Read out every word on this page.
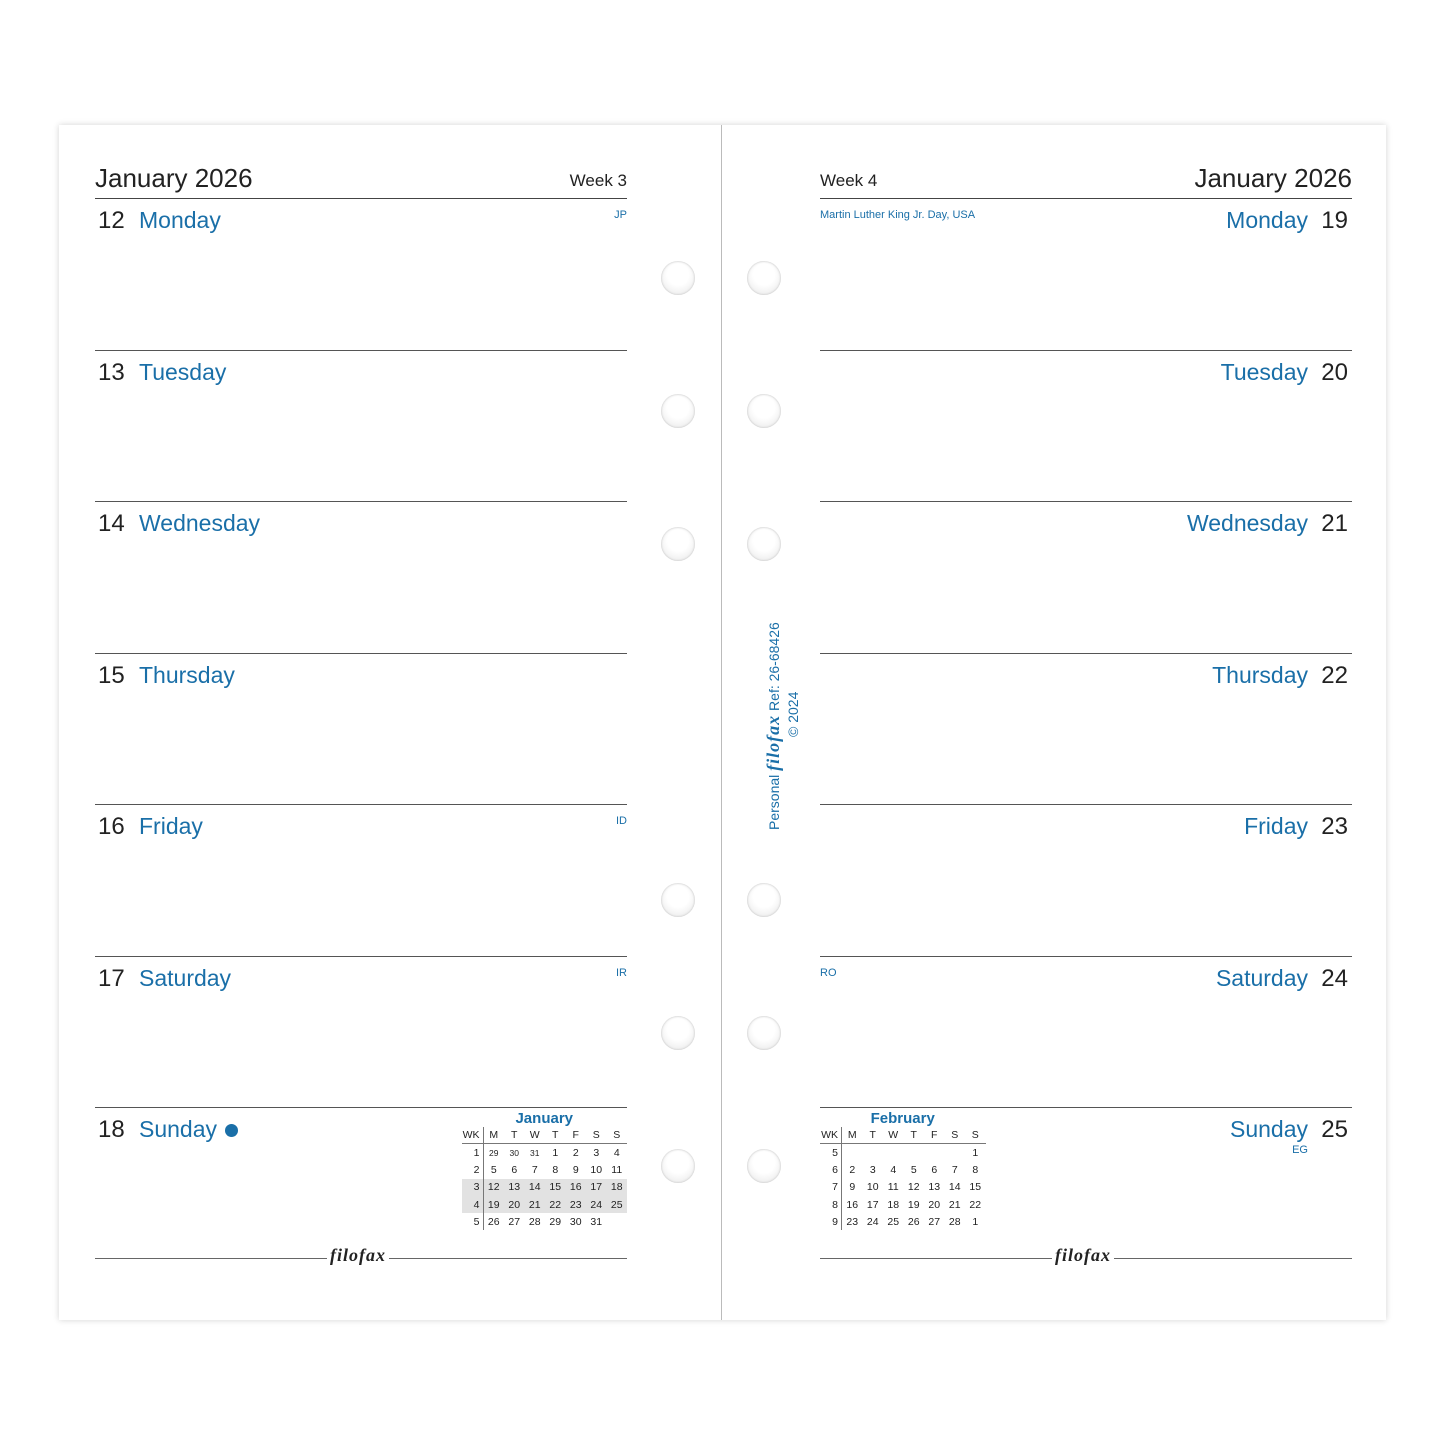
January 2026	Week 3
filofax
12 Monday	JP
13 Tuesday
14 Wednesday
15 Thursday
16 Friday	ID
17 Saturday	IR
18 Sunday	January
WK	M	T	W	T	F	S	S
1	29	30	31	1	2	3	4
2	5	6	7	8	9	10	11
3	12	13	14	15	16	17	18
4	19	20	21	22	23	24	25
5	26	27	28	29	30	31	
Week 4	January 2026
filofax
19
Monday
Martin Luther King Jr. Day, USA
20
Tuesday
21
Wednesday
22
Thursday
23
Friday
24
Saturday
RO
25
Sunday
EG
February
WK	M	T	W	T	F	S	S
5							1
6	2	3	4	5	6	7	8
7	9	10	11	12	13	14	15
8	16	17	18	19	20	21	22
9	23	24	25	26	27	28	1
Personal filofax Ref: 26-68426
© 2024
